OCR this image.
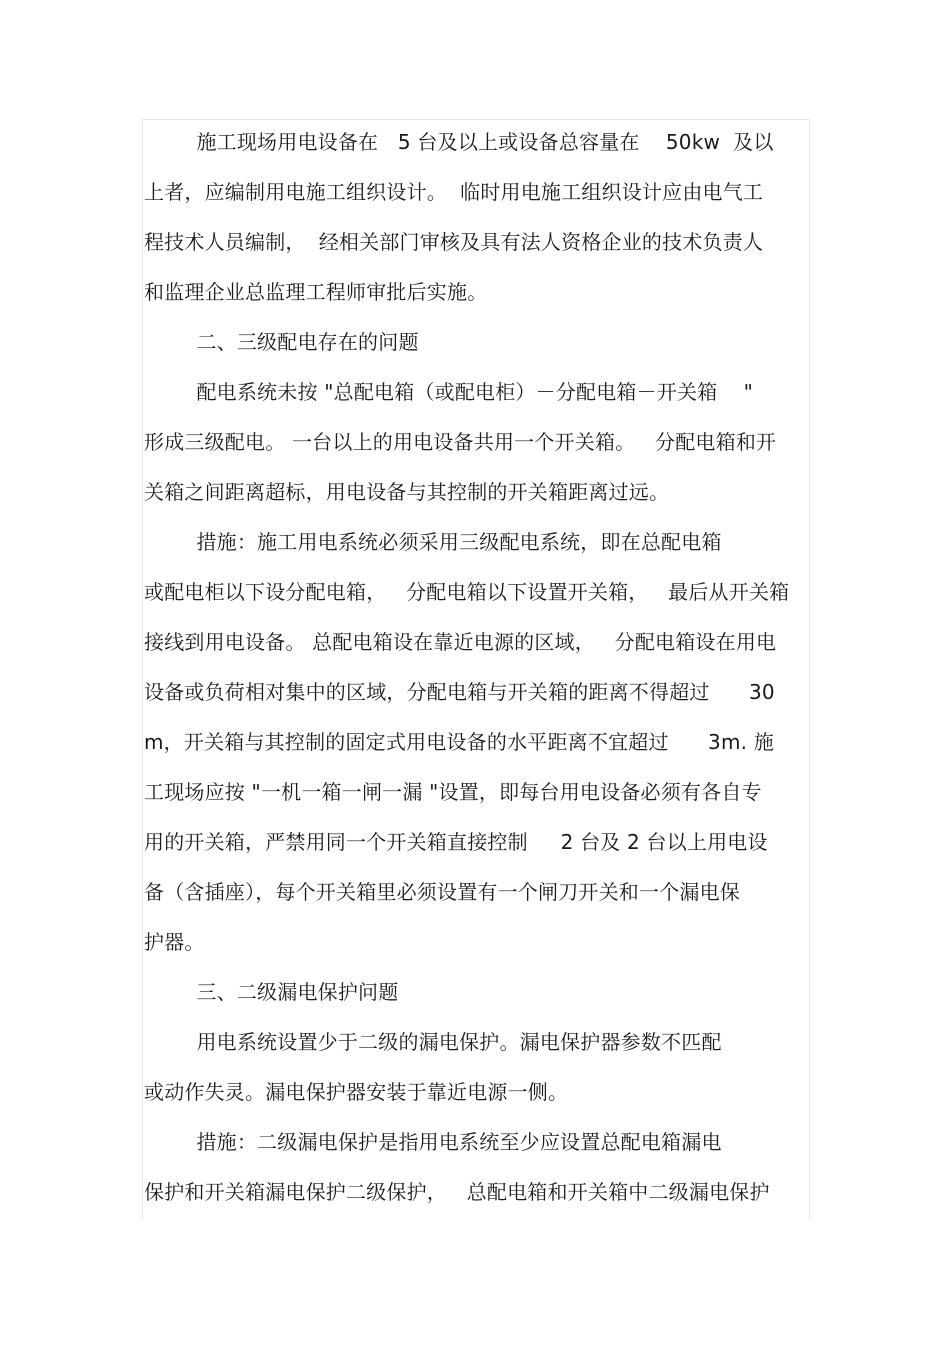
施工现场用电设备在   5 台及以上或设备总容量在    50kw  及以
上者，应编制用电施工组织设计。  临时用电施工组织设计应由电气工
程技术人员编制，  经相关部门审核及具有法人资格企业的技术负责人
和监理企业总监理工程师审批后实施。
二、三级配电存在的问题
配电系统未按 "总配电箱（或配电柜）－分配电箱－开关箱    "
形成三级配电。 一台以上的用电设备共用一个开关箱。   分配电箱和开
关箱之间距离超标，用电设备与其控制的开关箱距离过远。
措施：施工用电系统必须采用三级配电系统，即在总配电箱
或配电柜以下设分配电箱，   分配电箱以下设置开关箱，   最后从开关箱
接线到用电设备。 总配电箱设在靠近电源的区域，   分配电箱设在用电
设备或负荷相对集中的区域，分配电箱与开关箱的距离不得超过      30
m，开关箱与其控制的固定式用电设备的水平距离不宜超过      3m. 施
工现场应按 "一机一箱一闸一漏 "设置，即每台用电设备必须有各自专
用的开关箱，严禁用同一个开关箱直接控制     2 台及 2 台以上用电设
备（含插座），每个开关箱里必须设置有一个闸刀开关和一个漏电保
护器。
三、二级漏电保护问题
用电系统设置少于二级的漏电保护。漏电保护器参数不匹配
或动作失灵。漏电保护器安装于靠近电源一侧。
措施：二级漏电保护是指用电系统至少应设置总配电箱漏电
保护和开关箱漏电保护二级保护，   总配电箱和开关箱中二级漏电保护
